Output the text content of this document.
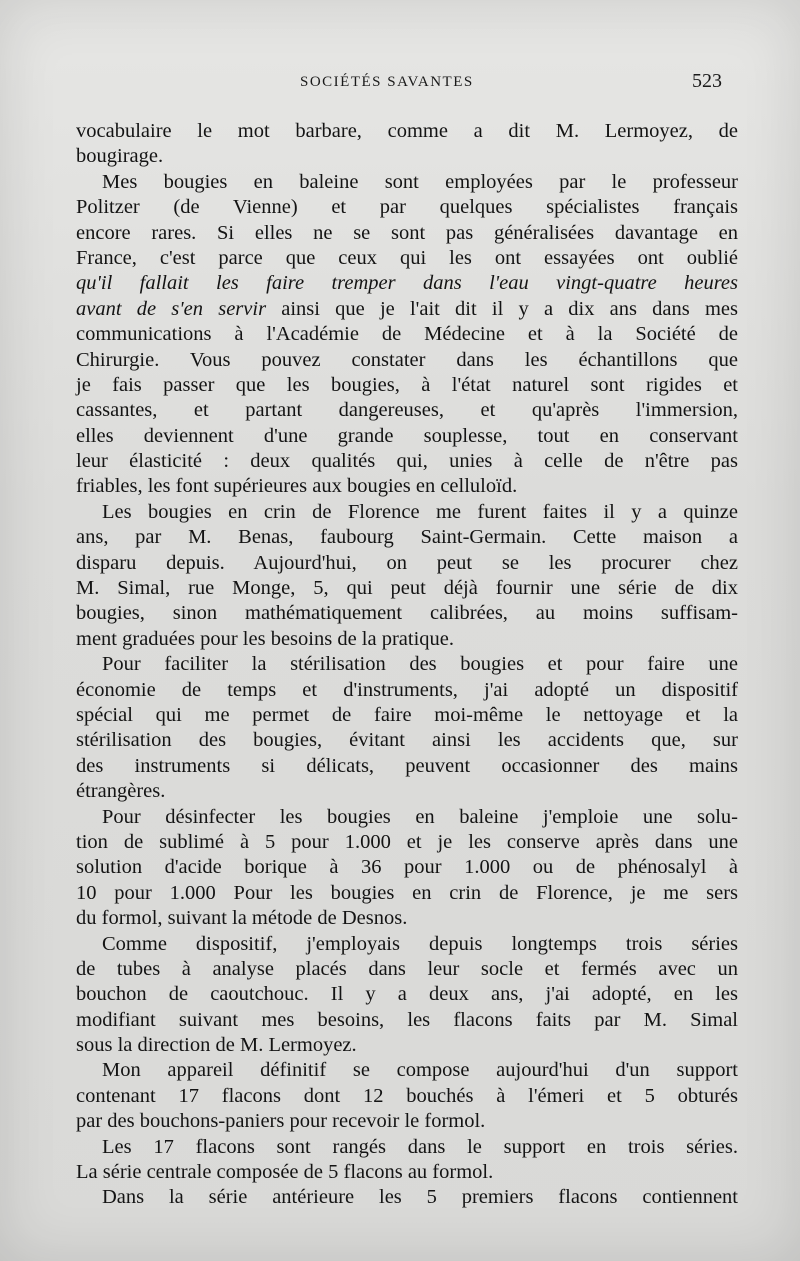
SOCIÉTÉS SAVANTES	523
vocabulaire le mot barbare, comme a dit M. Lermoyez, de
bougirage.
Mes bougies en baleine sont employées par le professeur
Politzer (de Vienne) et par quelques spécialistes français
encore rares. Si elles ne se sont pas généralisées davantage en
France, c'est parce que ceux qui les ont essayées ont oublié
qu'il fallait les faire tremper dans l'eau vingt-quatre heures
avant de s'en servir ainsi que je l'ait dit il y a dix ans dans mes
communications à l'Académie de Médecine et à la Société de
Chirurgie. Vous pouvez constater dans les échantillons que
je fais passer que les bougies, à l'état naturel sont rigides et
cassantes, et partant dangereuses, et qu'après l'immersion,
elles deviennent d'une grande souplesse, tout en conservant
leur élasticité : deux qualités qui, unies à celle de n'être pas
friables, les font supérieures aux bougies en celluloïd.
Les bougies en crin de Florence me furent faites il y a quinze
ans, par M. Benas, faubourg Saint-Germain. Cette maison a
disparu depuis. Aujourd'hui, on peut se les procurer chez
M. Simal, rue Monge, 5, qui peut déjà fournir une série de dix
bougies, sinon mathématiquement calibrées, au moins suffisam-
ment graduées pour les besoins de la pratique.
Pour faciliter la stérilisation des bougies et pour faire une
économie de temps et d'instruments, j'ai adopté un dispositif
spécial qui me permet de faire moi-même le nettoyage et la
stérilisation des bougies, évitant ainsi les accidents que, sur
des instruments si délicats, peuvent occasionner des mains
étrangères.
Pour désinfecter les bougies en baleine j'emploie une solu-
tion de sublimé à 5 pour 1.000 et je les conserve après dans une
solution d'acide borique à 36 pour 1.000 ou de phénosalyl à
10 pour 1.000 Pour les bougies en crin de Florence, je me sers
du formol, suivant la métode de Desnos.
Comme dispositif, j'employais depuis longtemps trois séries
de tubes à analyse placés dans leur socle et fermés avec un
bouchon de caoutchouc. Il y a deux ans, j'ai adopté, en les
modifiant suivant mes besoins, les flacons faits par M. Simal
sous la direction de M. Lermoyez.
Mon appareil définitif se compose aujourd'hui d'un support
contenant 17 flacons dont 12 bouchés à l'émeri et 5 obturés
par des bouchons-paniers pour recevoir le formol.
Les 17 flacons sont rangés dans le support en trois séries.
La série centrale composée de 5 flacons au formol.
Dans la série antérieure les 5 premiers flacons contiennent
